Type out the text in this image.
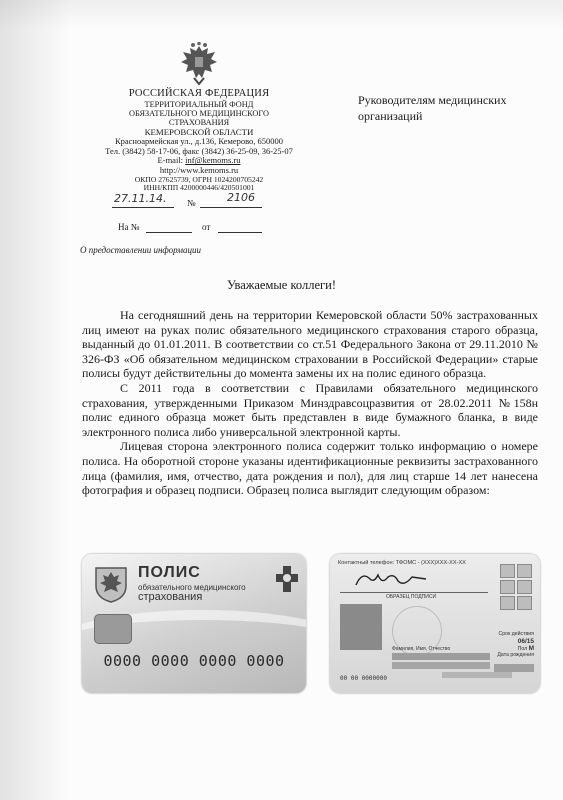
РОССИЙСКАЯ ФЕДЕРАЦИЯ
ТЕРРИТОРИАЛЬНЫЙ ФОНД
ОБЯЗАТЕЛЬНОГО МЕДИЦИНСКОГО
СТРАХОВАНИЯ
КЕМЕРОВСКОЙ ОБЛАСТИ
Красноармейская ул., д.136, Кемерово, 650000
Тел. (3842) 58-17-06, факс (3842) 36-25-09, 36-25-07
E-mail: inf@kemoms.ru
http://www.kemoms.ru
ОКПО 27625739, ОГРН 1024200705242
ИНН/КПП 4200000446/420501001
27.11.14. №	2106
На №	от
О предоставлении информации
Руководителям медицинских организаций
Уважаемые коллеги!

На сегодняшний день на территории Кемеровской области 50% застрахованных лиц имеют на руках полис обязательного медицинского страхования старого образца, выданный до 01.01.2011. В соответствии со ст.51 Федерального Закона от 29.11.2010 № 326-ФЗ «Об обязательном медицинском страховании в Российской Федерации» старые полисы будут действительны до момента замены их на полис единого образца.

С 2011 года в соответствии с Правилами обязательного медицинского страхования, утвержденными Приказом Минздравсоцразвития от 28.02.2011 №158н полис единого образца может быть представлен в виде бумажного бланка, в виде электронного полиса либо универсальной электронной карты.

Лицевая сторона электронного полиса содержит только информацию о номере полиса. На оборотной стороне указаны идентификационные реквизиты застрахованного лица (фамилия, имя, отчество, дата рождения и пол), для лиц старше 14 лет нанесена фотография и образец подписи. Образец полиса выглядит следующим образом:

ПОЛИС
обязательного медицинского
страхования
0000 0000 0000 0000
Контактный телефон: ТФОМС - (XXX)XXX-XX-XX
ОБРАЗЕЦ ПОДПИСИ
Фамилия, Имя, Отчество
Срок действия
06/15
Пол М
Дата рождения
00 00 0000000
